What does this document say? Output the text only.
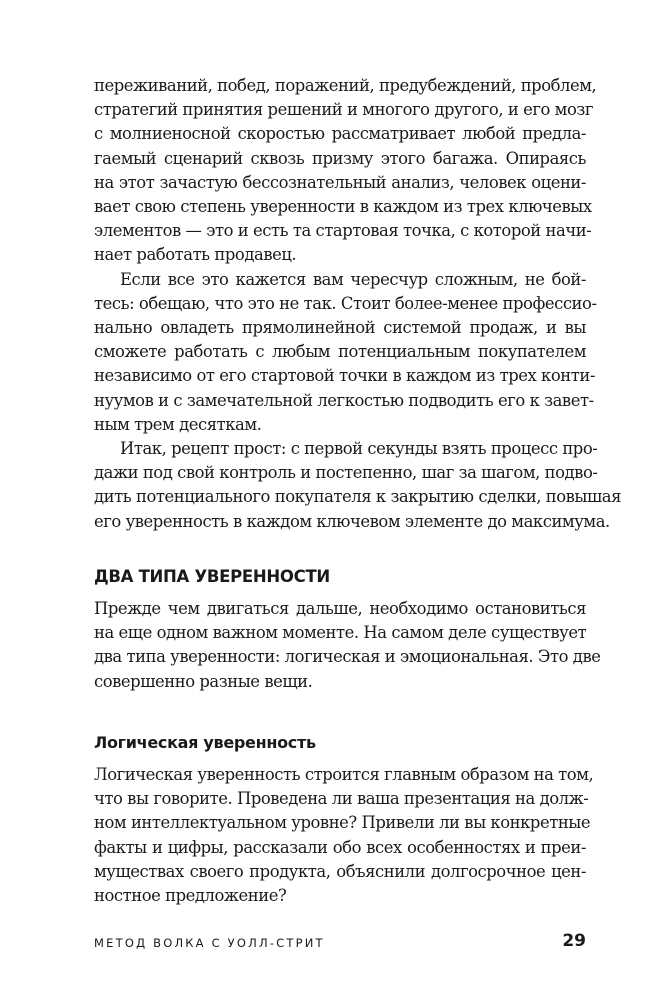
переживаний, побед, поражений, предубеждений, проблем,
стратегий принятия решений и многого другого, и его мозг
с молниеносной скоростью рассматривает любой предла-
гаемый сценарий сквозь призму этого багажа. Опираясь
на этот зачастую бессознательный анализ, человек оцени-
вает свою степень уверенности в каждом из трех ключевых
элементов — это и есть та стартовая точка, с которой начи-
нает работать продавец.
Если все это кажется вам чересчур сложным, не бой-
тесь: обещаю, что это не так. Стоит более-менее профессио-
нально овладеть прямолинейной системой продаж, и вы
сможете работать с любым потенциальным покупателем
независимо от его стартовой точки в каждом из трех конти-
нуумов и с замечательной легкостью подводить его к завет-
ным трем десяткам.
Итак, рецепт прост: с первой секунды взять процесс про-
дажи под свой контроль и постепенно, шаг за шагом, подво-
дить потенциального покупателя к закрытию сделки, повышая
его уверенность в каждом ключевом элементе до максимума.
ДВА ТИПА УВЕРЕННОСТИ
Прежде чем двигаться дальше, необходимо остановиться
на еще одном важном моменте. На самом деле существует
два типа уверенности: логическая и эмоциональная. Это две
совершенно разные вещи.
Логическая уверенность
Логическая уверенность строится главным образом на том,
что вы говорите. Проведена ли ваша презентация на долж-
ном интеллектуальном уровне? Привели ли вы конкретные
факты и цифры, рассказали обо всех особенностях и преи-
муществах своего продукта, объяснили долгосрочное цен-
ностное предложение?
МЕТОД ВОЛКА С УОЛЛ-СТРИТ	29
